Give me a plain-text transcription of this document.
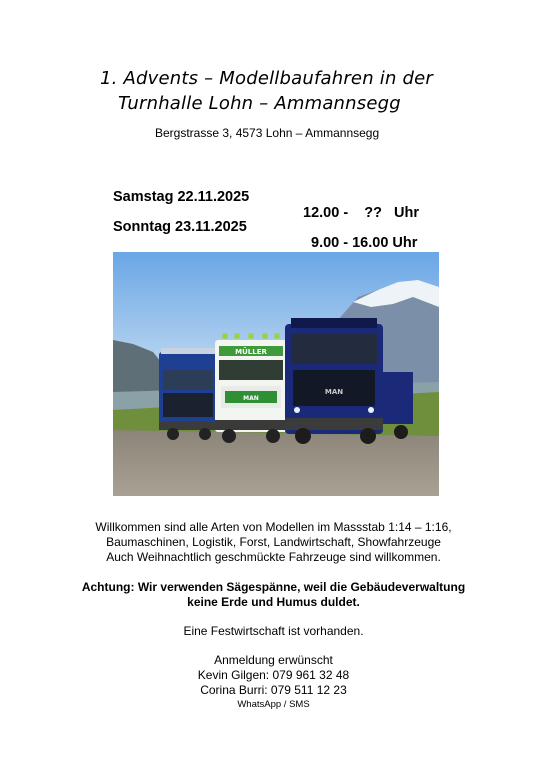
1. Advents – Modellbaufahren in der
Turnhalle Lohn – Ammannsegg
Bergstrasse 3, 4573 Lohn – Ammannsegg

Samstag 22.11.2025

12.00 -    ??   Uhr

Sonntag 23.11.2025

9.00 - 16.00 Uhr

MÜLLER
MAN
MAN
Willkommen sind alle Arten von Modellen im Massstab 1:14 – 1:16,
Baumaschinen, Logistik, Forst, Landwirtschaft, Showfahrzeuge
Auch Weihnachtlich geschmückte Fahrzeuge sind willkommen.
Achtung: Wir verwenden Sägespänne, weil die Gebäudeverwaltung
keine Erde und Humus duldet.
Eine Festwirtschaft ist vorhanden.
Anmeldung erwünscht
Kevin Gilgen: 079 961 32 48
Corina Burri: 079 511 12 23
WhatsApp / SMS
